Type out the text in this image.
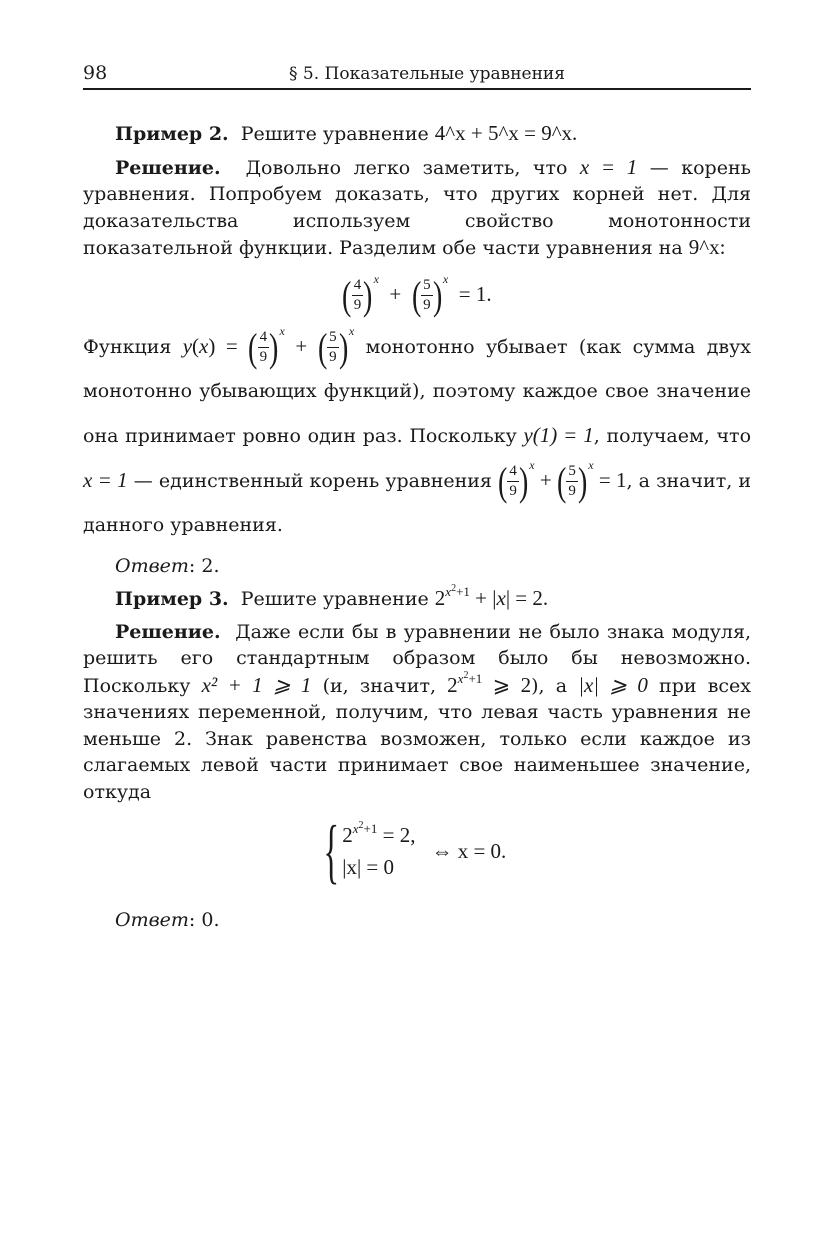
98	§ 5. Показательные уравнения

Пример 2. Решите уравнение 4^x + 5^x = 9^x.

Решение. Довольно легко заметить, что x = 1 — корень уравнения. Попробуем доказать, что других корней нет. Для доказательства используем свойство монотонности показательной функции. Разделим обе части уравнения на 9^x:

( $\frac{4}{9} )^x$  +  ( $\frac{5}{9} )^x = 1$.

Функция y(x) = ( $\frac{4}{9} )^x$ + ( $\frac{5}{9} )^x$ монотонно убывает (как сумма двух монотонно убывающих функций), поэтому каждое свое значение она принимает ровно один раз. Поскольку y(1) = 1, получаем, что x = 1 — единственный корень уравнения ( $\frac{4}{9} )^x$ + ( $\frac{5}{9} )^x = 1$, а значит, и данного уравнения.

Ответ: 2.

Пример 3. Решите уравнение $2^{x^2+1} + |x| = 2$.

Решение. Даже если бы в уравнении не было знака модуля, решить его стандартным образом было бы невозможно. Поскольку x² + 1 ⩾ 1 (и, значит, $2^{x^2+1}$ ⩾ 2), а |x| ⩾ 0 при всех значениях переменной, получим, что левая часть уравнения не меньше 2. Знак равенства возможен, только если каждое из слагаемых левой части принимает свое наименьшее значение, откуда

{ $2^{x^2+1} = 2$,
|x| = 0
⇔ x = 0.

Ответ: 0.
